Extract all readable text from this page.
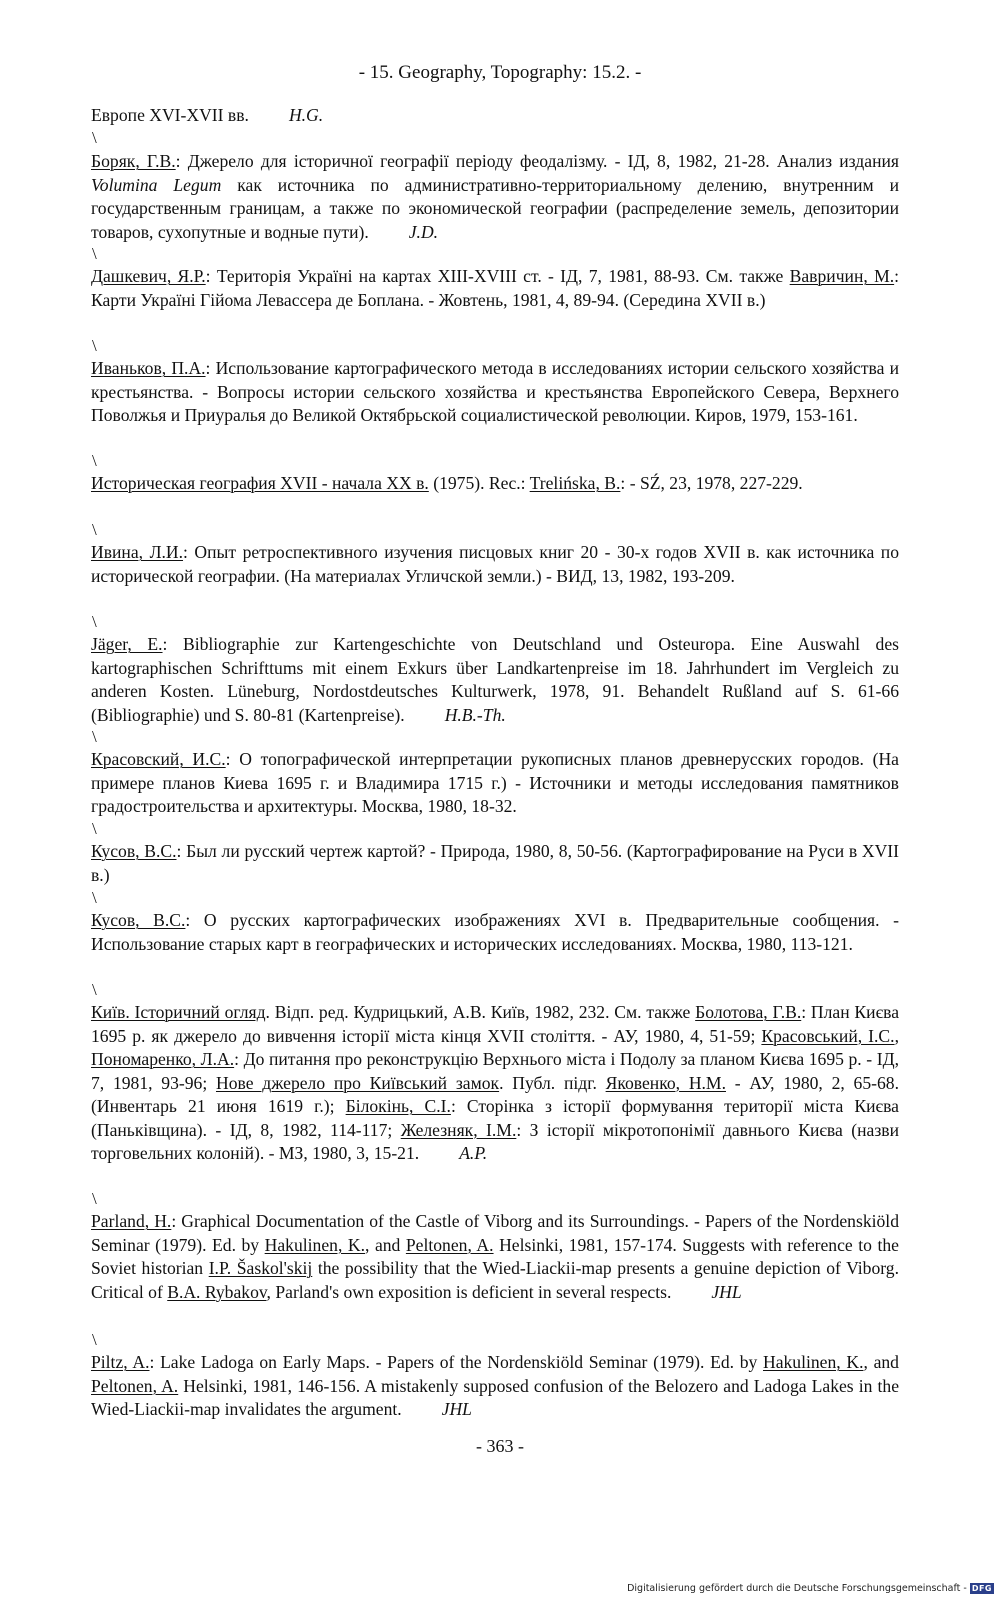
- 15. Geography, Topography: 15.2. -
Европе XVI-XVII вв. H.G.
Боряк, Г.В.: Джерело для історичної географії періоду феодалізму. - ІД, 8, 1982, 21-28. Анализ издания Volumina Legum как источника по административно-территориальному делению, внутренним и государственным границам, а также по экономической географии (распределение земель, депозитории товаров, сухопутные и водные пути). J.D.
Дашкевич, Я.Р.: Територія Україні на картах XIII-XVIII ст. - ІД, 7, 1981, 88-93. См. также Вавричин, М.: Карти Україні Гійома Левассера де Боплана. - Жовтень, 1981, 4, 89-94. (Середина XVII в.)
Иваньков, П.А.: Использование картографического метода в исследованиях истории сельского хозяйства и крестьянства. - Вопросы истории сельского хозяйства и крестьянства Европейского Севера, Верхнего Поволжья и Приуралья до Великой Октябрьской социалистической революции. Киров, 1979, 153-161.
Историческая география XVII - начала XX в. (1975). Rec.: Trelińska, B.: - SŹ, 23, 1978, 227-229.
Ивина, Л.И.: Опыт ретроспективного изучения писцовых книг 20 - 30-х годов XVII в. как источника по исторической географии. (На материалах Угличской земли.) - ВИД, 13, 1982, 193-209.
Jäger, E.: Bibliographie zur Kartengeschichte von Deutschland und Osteuropa. Eine Auswahl des kartographischen Schrifttums mit einem Exkurs über Landkartenpreise im 18. Jahrhundert im Vergleich zu anderen Kosten. Lüneburg, Nordostdeutsches Kulturwerk, 1978, 91. Behandelt Rußland auf S. 61-66 (Bibliographie) und S. 80-81 (Kartenpreise). H.B.-Th.
Красовский, И.С.: О топографической интерпретации рукописных планов древнерусских городов. (На примере планов Киева 1695 г. и Владимира 1715 г.) - Источники и методы исследования памятников градостроительства и архитектуры. Москва, 1980, 18-32.
Кусов, В.С.: Был ли русский чертеж картой? - Природа, 1980, 8, 50-56. (Картографирование на Руси в XVII в.)
Кусов, В.С.: О русских картографических изображениях XVI в. Предварительные сообщения. - Использование старых карт в географических и исторических исследованиях. Москва, 1980, 113-121.
Київ. Історичний огляд. Відп. ред. Кудрицький, А.В. Київ, 1982, 232. См. также Болотова, Г.В.: План Києва 1695 р. як джерело до вивчення історії міста кінця XVII століття. - АУ, 1980, 4, 51-59; Красовський, І.С., Пономаренко, Л.А.: До питання про реконструкцію Верхнього міста і Подолу за планом Києва 1695 р. - ІД, 7, 1981, 93-96; Нове джерело про Київський замок. Публ. підг. Яковенко, Н.М. - АУ, 1980, 2, 65-68. (Инвентарь 21 июня 1619 г.); Білокінь, С.І.: Сторінка з історії формування території міста Києва (Паньківщина). - ІД, 8, 1982, 114-117; Железняк, І.М.: З історії мікротопонімії давнього Києва (назви торговельних колоній). - МЗ, 1980, 3, 15-21. A.P.
Parland, H.: Graphical Documentation of the Castle of Viborg and its Surroundings. - Papers of the Nordenskiöld Seminar (1979). Ed. by Hakulinen, K., and Peltonen, A. Helsinki, 1981, 157-174. Suggests with reference to the Soviet historian I.P. Šaskol'skij the possibility that the Wied-Liackii-map presents a genuine depiction of Viborg. Critical of B.A. Rybakov, Parland's own exposition is deficient in several respects. JHL
Piltz, A.: Lake Ladoga on Early Maps. - Papers of the Nordenskiöld Seminar (1979). Ed. by Hakulinen, K., and Peltonen, A. Helsinki, 1981, 146-156. A mistakenly supposed confusion of the Belozero and Ladoga Lakes in the Wied-Liackii-map invalidates the argument. JHL
\
\
\
\
\
\
\
\
\
\
\
\
- 363 -
Digitalisierung gefördert durch die Deutsche Forschungsgemeinschaft - DFG
